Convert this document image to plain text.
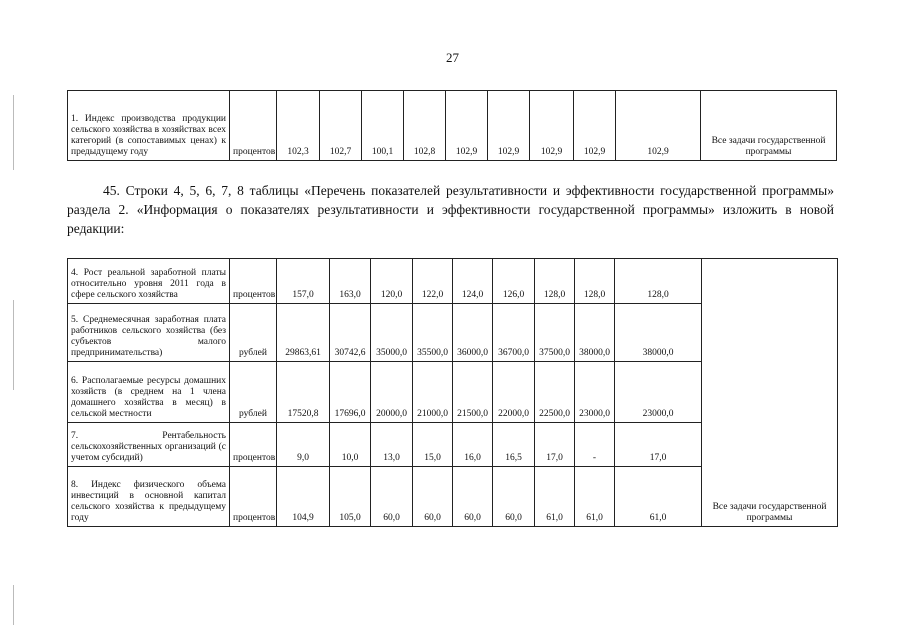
27
1. Индекс производства продукции сельского хозяйства в хозяйствах всех категорий (в сопоставимых ценах) к предыдущему году	процентов	102,3	102,7	100,1	102,8	102,9	102,9	102,9	102,9	102,9	Все задачи государственной программы
45. Строки 4, 5, 6, 7, 8 таблицы «Перечень показателей результативности и эффективности государственной программы» раздела 2. «Информация о показателях результативности и эффективности государственной программы» изложить в новой редакции:
4. Рост реальной заработной платы относительно уровня 2011 года в сфере сельского хозяйства	процентов	157,0	163,0	120,0	122,0	124,0	126,0	128,0	128,0	128,0	Все задачи государственной программы
5. Среднемесячная заработная плата работников сельского хозяйства (без субъектов малого предпринимательства)	рублей	29863,61	30742,6	35000,0	35500,0	36000,0	36700,0	37500,0	38000,0	38000,0	
6. Располагаемые ресурсы домашних хозяйств (в среднем на 1 члена домашнего хозяйства в месяц) в сельской местности	рублей	17520,8	17696,0	20000,0	21000,0	21500,0	22000,0	22500,0	23000,0	23000,0	
7. Рентабельность сельскохозяйственных организаций (с учетом субсидий)	процентов	9,0	10,0	13,0	15,0	16,0	16,5	17,0	-	17,0	
8. Индекс физического объема инвестиций в основной капитал сельского хозяйства к предыдущему году	процентов	104,9	105,0	60,0	60,0	60,0	60,0	61,0	61,0	61,0	
